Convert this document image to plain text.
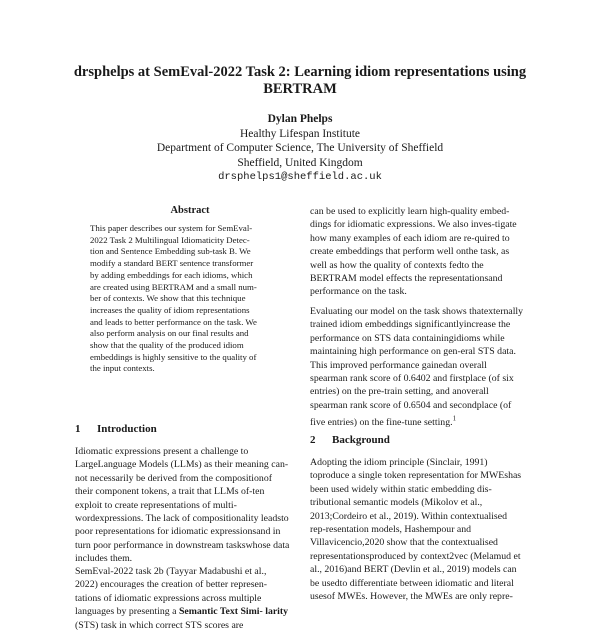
drsphelps at SemEval-2022 Task 2: Learning idiom representations using
BERTRAM
Dylan Phelps
Healthy Lifespan Institute
Department of Computer Science, The University of Sheffield
Sheffield, United Kingdom
drsphelps1@sheffield.ac.uk
Abstract
This paper describes our system for SemEval-
2022 Task 2 Multilingual Idiomaticity Detec-
tion and Sentence Embedding sub-task B. We
modify a standard BERT sentence transformer
by adding embeddings for each idioms, which
are created using BERTRAM and a small num-
ber of contexts. We show that this technique
increases the quality of idiom representations
and leads to better performance on the task. We
also perform analysis on our final results and
show that the quality of the produced idiom
embeddings is highly sensitive to the quality of
the input contexts.
1 Introduction
Idiomatic expressions present a challenge to LargeLanguage Models (LLMs) as their meaning can-not necessarily be derived from the compositionof their component tokens, a trait that LLMs of-ten exploit to create representations of multi-wordexpressions. The lack of compositionality leadsto poor representations for idiomatic expressionsand in turn poor performance in downstream taskswhose data includes them.
SemEval-2022 task 2b (Tayyar Madabushi et al., 2022) encourages the creation of better represen- tations of idiomatic expressions across multiple languages by presenting a Semantic Text Simi- larity (STS) task in which correct STS scores are
can be used to explicitly learn high-quality embed-dings for idiomatic expressions. We also inves-tigate how many examples of each idiom are re-quired to create embeddings that perform well onthe task, as well as how the quality of contexts fedto the BERTRAM model effects the representationsand performance on the task.
Evaluating our model on the task shows thatexternally trained idiom embeddings significantlyincrease the performance on STS data containingidioms while maintaining high performance on gen-eral STS data. This improved performance gainedan overall spearman rank score of 0.6402 and firstplace (of six entries) on the pre-train setting, and anoverall spearman rank score of 0.6504 and secondplace (of five entries) on the fine-tune setting.$^1$
2 Background
Adopting the idiom principle (Sinclair, 1991) toproduce a single token representation for MWEshas been used widely within static embedding dis-tributional semantic models (Mikolov et al., 2013;Cordeiro et al., 2019). Within contextualised rep-resentation models, Hashempour and Villavicencio,2020 show that the contextualised representationsproduced by context2vec (Melamud et al., 2016)and BERT (Devlin et al., 2019) models can be usedto differentiate between idiomatic and literal usesof MWEs. However, the MWEs are only repre-
